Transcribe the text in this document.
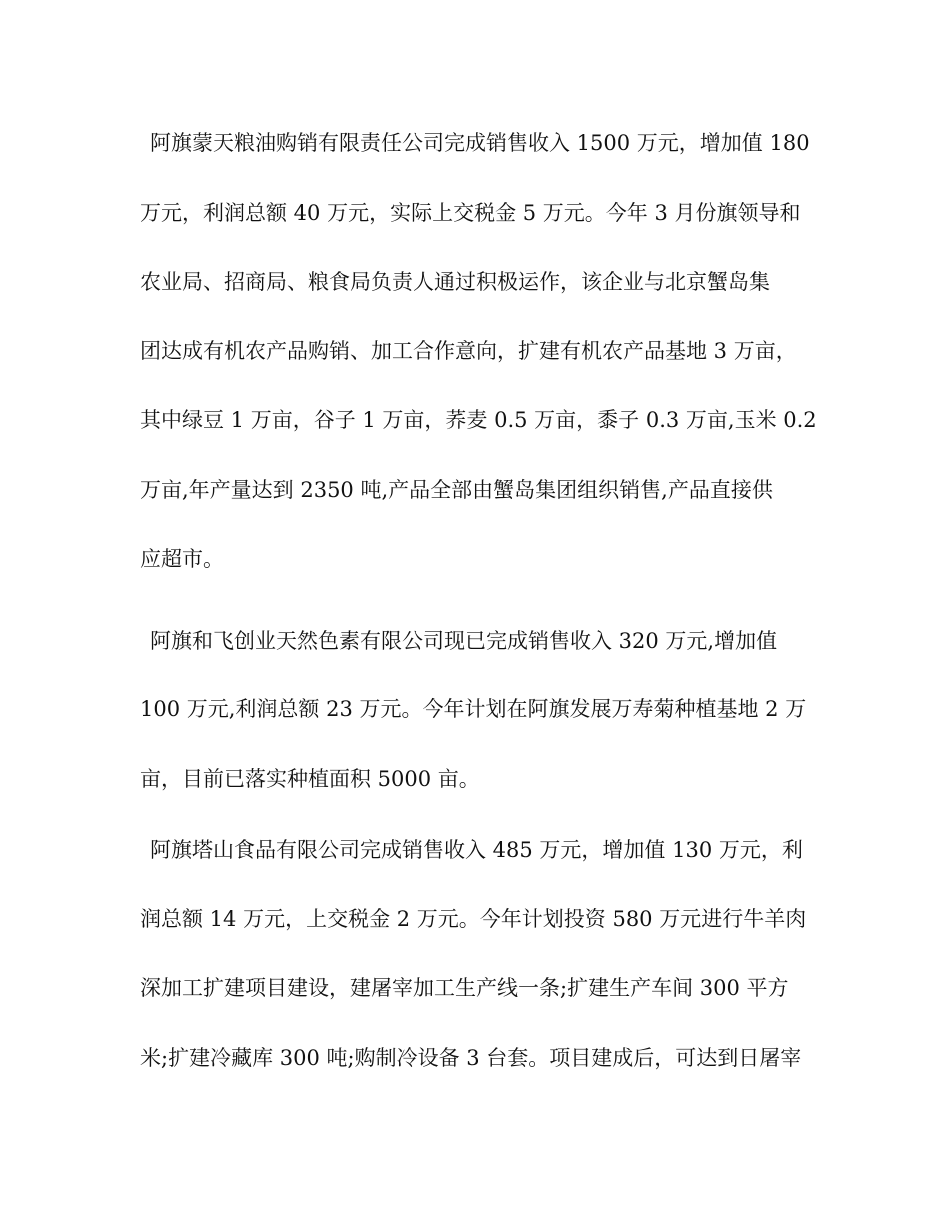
阿旗蒙天粮油购销有限责任公司完成销售收入 1500 万元，增加值 180
万元，利润总额 40 万元，实际上交税金 5 万元。今年 3 月份旗领导和
农业局、招商局、粮食局负责人通过积极运作，该企业与北京蟹岛集
团达成有机农产品购销、加工合作意向，扩建有机农产品基地 3 万亩，
其中绿豆 1 万亩，谷子 1 万亩，荞麦 0.5 万亩，黍子 0.3 万亩,玉米 0.2
万亩,年产量达到 2350 吨,产品全部由蟹岛集团组织销售,产品直接供
应超市。
阿旗和飞创业天然色素有限公司现已完成销售收入 320 万元,增加值
100 万元,利润总额 23 万元。今年计划在阿旗发展万寿菊种植基地 2 万
亩，目前已落实种植面积 5000 亩。
阿旗塔山食品有限公司完成销售收入 485 万元，增加值 130 万元，利
润总额 14 万元，上交税金 2 万元。今年计划投资 580 万元进行牛羊肉
深加工扩建项目建设，建屠宰加工生产线一条;扩建生产车间 300 平方
米;扩建冷藏库 300 吨;购制冷设备 3 台套。项目建成后，可达到日屠宰
